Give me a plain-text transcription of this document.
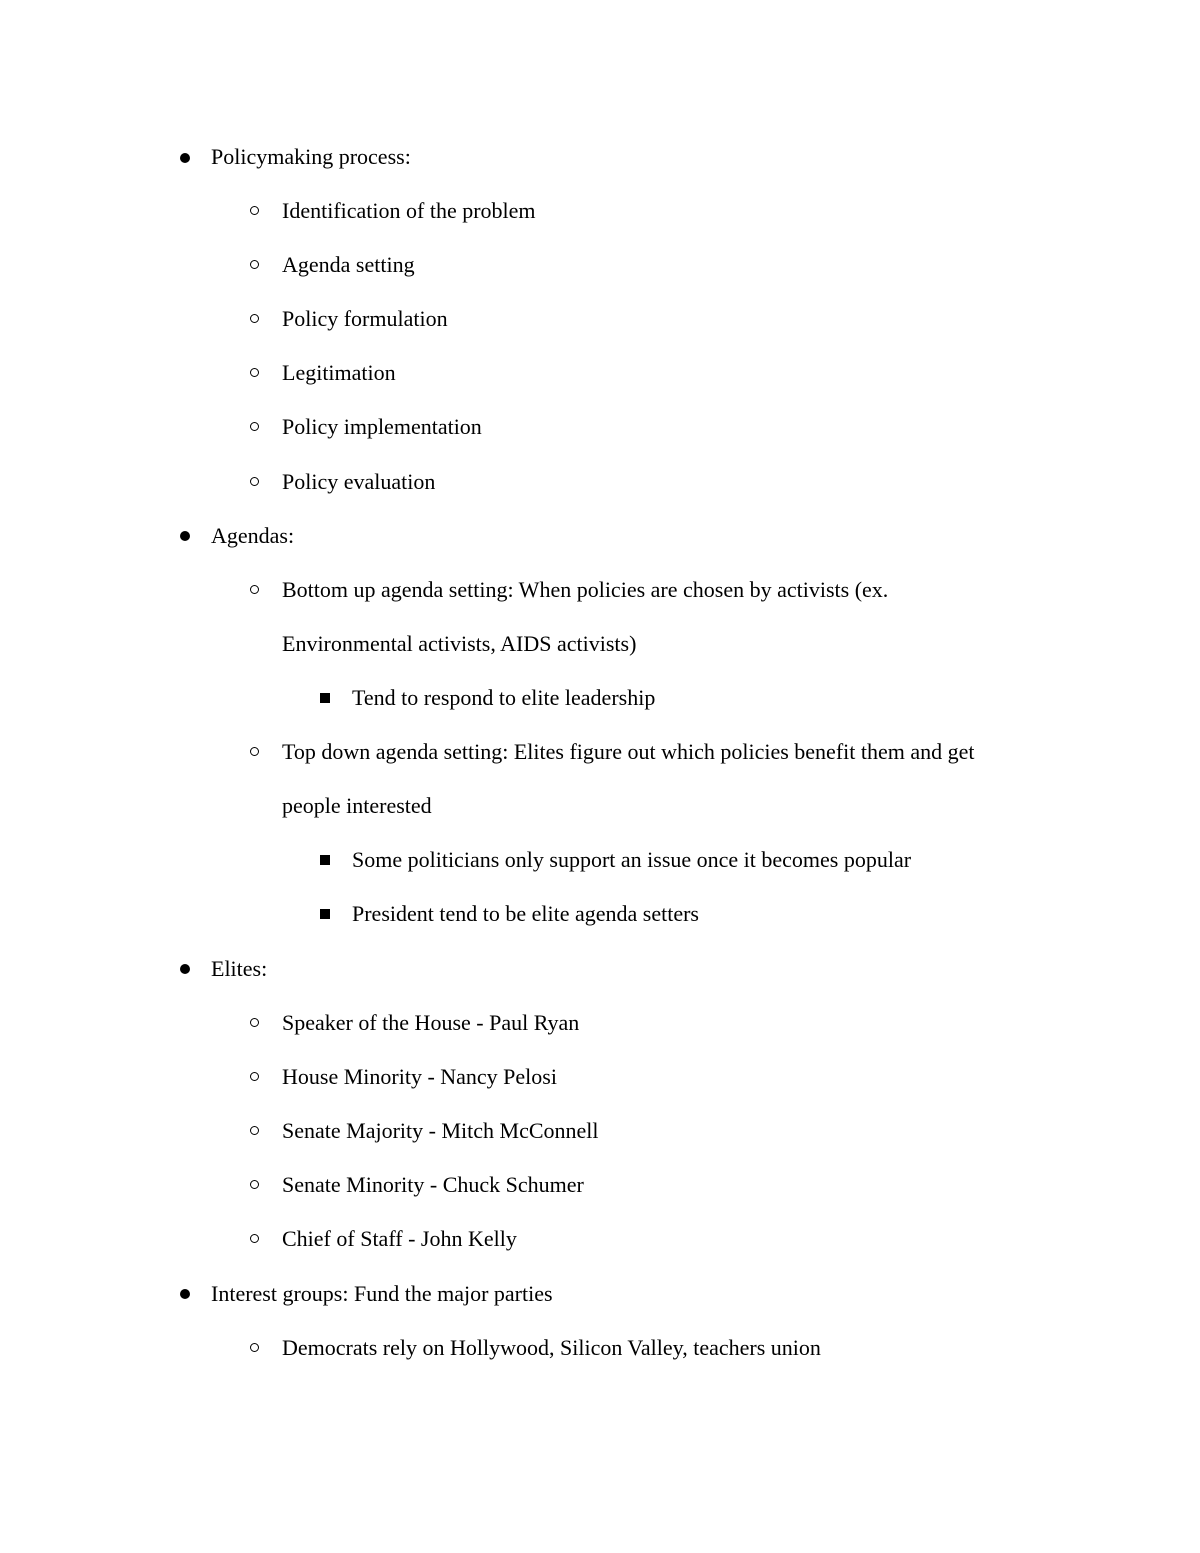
Policymaking process:
Identification of the problem
Agenda setting
Policy formulation
Legitimation
Policy implementation
Policy evaluation
Agendas:
Bottom up agenda setting: When policies are chosen by activists (ex.
Environmental activists, AIDS activists)
Tend to respond to elite leadership
Top down agenda setting: Elites figure out which policies benefit them and get
people interested
Some politicians only support an issue once it becomes popular
President tend to be elite agenda setters
Elites:
Speaker of the House - Paul Ryan
House Minority - Nancy Pelosi
Senate Majority - Mitch McConnell
Senate Minority - Chuck Schumer
Chief of Staff - John Kelly
Interest groups: Fund the major parties
Democrats rely on Hollywood, Silicon Valley, teachers union
